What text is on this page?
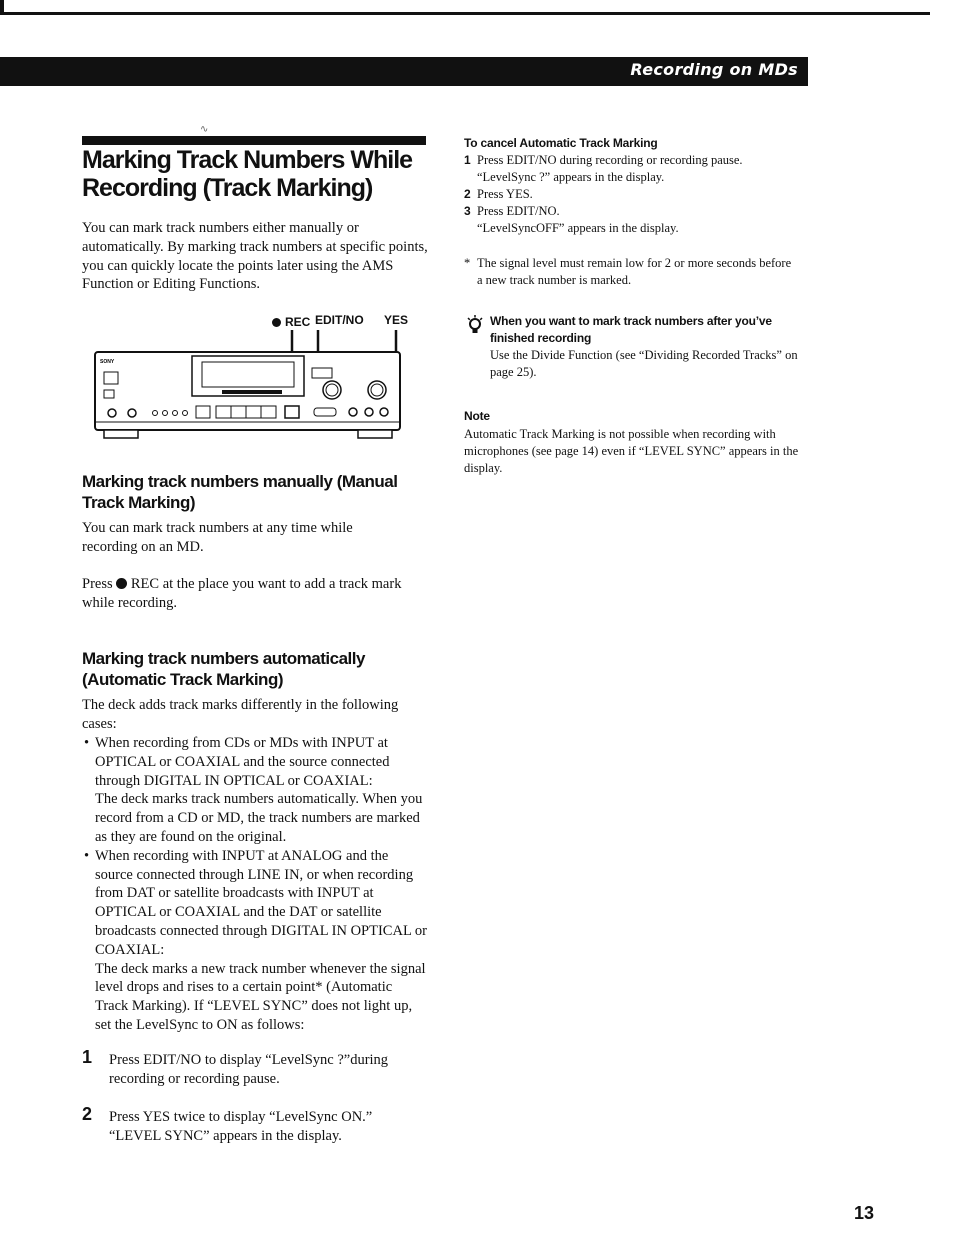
Recording on MDs
∿
Marking Track Numbers While Recording (Track Marking)

You can mark track numbers either manually or automatically. By marking track numbers at specific points, you can quickly locate the points later using the AMS Function or Editing Functions.

REC EDIT/NO YES
SONY
Marking track numbers manually (Manual Track Marking)

You can mark track numbers at any time while recording on an MD.

Press REC at the place you want to add a track mark while recording.

Marking track numbers automatically (Automatic Track Marking)

The deck adds track marks differently in the following cases:

• When recording from CDs or MDs with INPUT at OPTICAL or COAXIAL and the source connected through DIGITAL IN OPTICAL or COAXIAL:
The deck marks track numbers automatically. When you record from a CD or MD, the track numbers are marked as they are found on the original.
• When recording with INPUT at ANALOG and the source connected through LINE IN, or when recording from DAT or satellite broadcasts with INPUT at OPTICAL or COAXIAL and the DAT or satellite broadcasts connected through DIGITAL IN OPTICAL or COAXIAL:
The deck marks a new track number whenever the signal level drops and rises to a certain point* (Automatic Track Marking). If “LEVEL SYNC” does not light up, set the LevelSync to ON as follows:
1 Press EDIT/NO to display “LevelSync ?”during recording or recording pause.

2 Press YES twice to display “LevelSync ON.” “LEVEL SYNC” appears in the display.

To cancel Automatic Track Marking
1 Press EDIT/NO during recording or recording pause.
“LevelSync ?” appears in the display.
2 Press YES.
3 Press EDIT/NO.
“LevelSyncOFF” appears in the display.
* The signal level must remain low for 2 or more seconds before a new track number is marked.

When you want to mark track numbers after you’ve finished recording

Use the Divide Function (see “Dividing Recorded Tracks” on page 25).

Note

Automatic Track Marking is not possible when recording with microphones (see page 14) even if “LEVEL SYNC” appears in the display.

13
